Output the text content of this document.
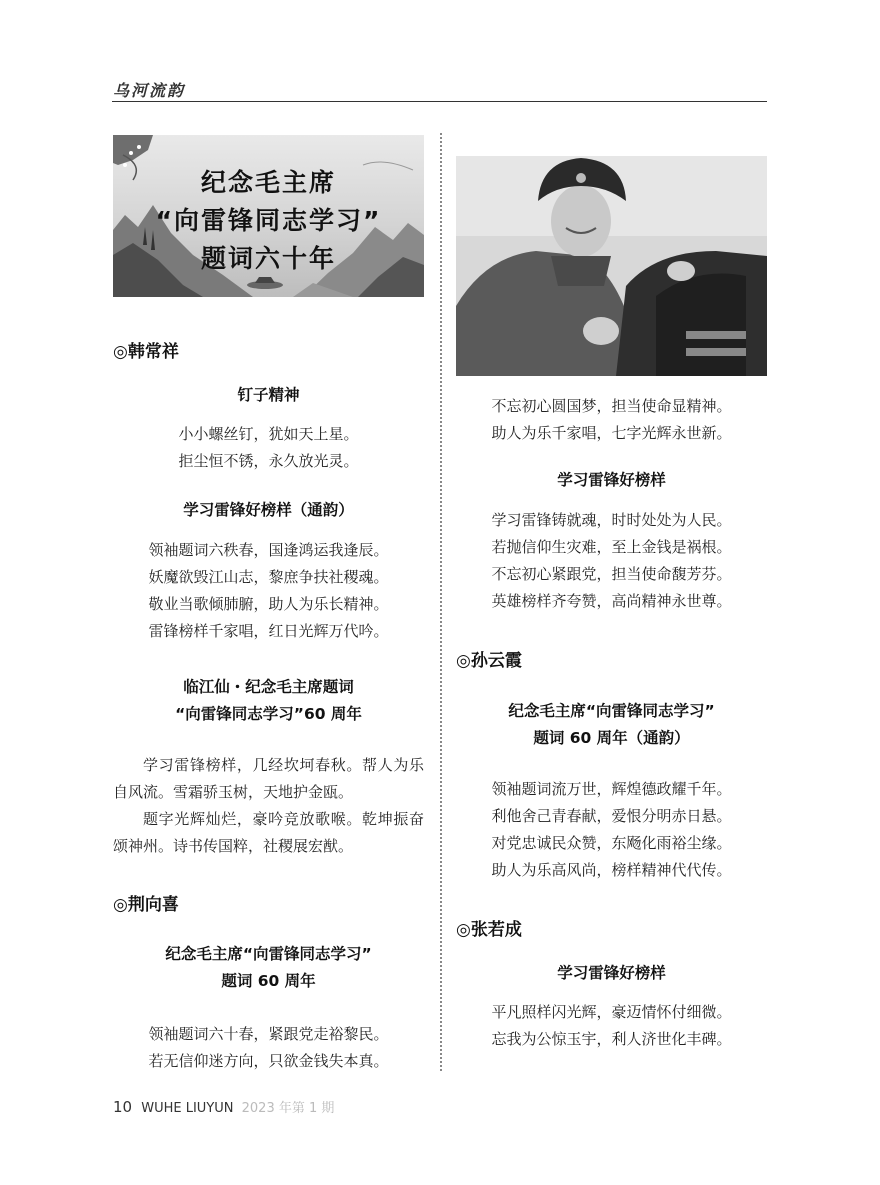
乌河流韵
纪念毛主席
“向雷锋同志学习”
题词六十年
◎韩常祥
钉子精神
小小螺丝钉，犹如天上星。
拒尘恒不锈，永久放光灵。
学习雷锋好榜样（通韵）
领袖题词六秩春，国逢鸿运我逢辰。
妖魔欲毁江山志，黎庶争扶社稷魂。
敬业当歌倾肺腑，助人为乐长精神。
雷锋榜样千家唱，红日光辉万代吟。
临江仙・纪念毛主席题词
“向雷锋同志学习”60 周年
学习雷锋榜样，几经坎坷春秋。帮人为乐自风流。雪霜骄玉树，天地护金瓯。
题字光辉灿烂，豪吟竞放歌喉。乾坤振奋颂神州。诗书传国粹，社稷展宏猷。
◎荆向喜
纪念毛主席“向雷锋同志学习”
题词 60 周年
领袖题词六十春，紧跟党走裕黎民。
若无信仰迷方向，只欲金钱失本真。
不忘初心圆国梦，担当使命显精神。
助人为乐千家唱，七字光辉永世新。
学习雷锋好榜样
学习雷锋铸就魂，时时处处为人民。
若抛信仰生灾难，至上金钱是祸根。
不忘初心紧跟党，担当使命馥芳芬。
英雄榜样齐夸赞，高尚精神永世尊。
◎孙云霞
纪念毛主席“向雷锋同志学习”
题词 60 周年（通韵）
领袖题词流万世，辉煌德政耀千年。
利他舍己青春献，爱恨分明赤日悬。
对党忠诚民众赞，东飏化雨裕尘缘。
助人为乐高风尚，榜样精神代代传。
◎张若成
学习雷锋好榜样
平凡照样闪光辉，豪迈情怀付细微。
忘我为公惊玉宇，利人济世化丰碑。
10 WUHE LIUYUN 2023 年第 1 期
